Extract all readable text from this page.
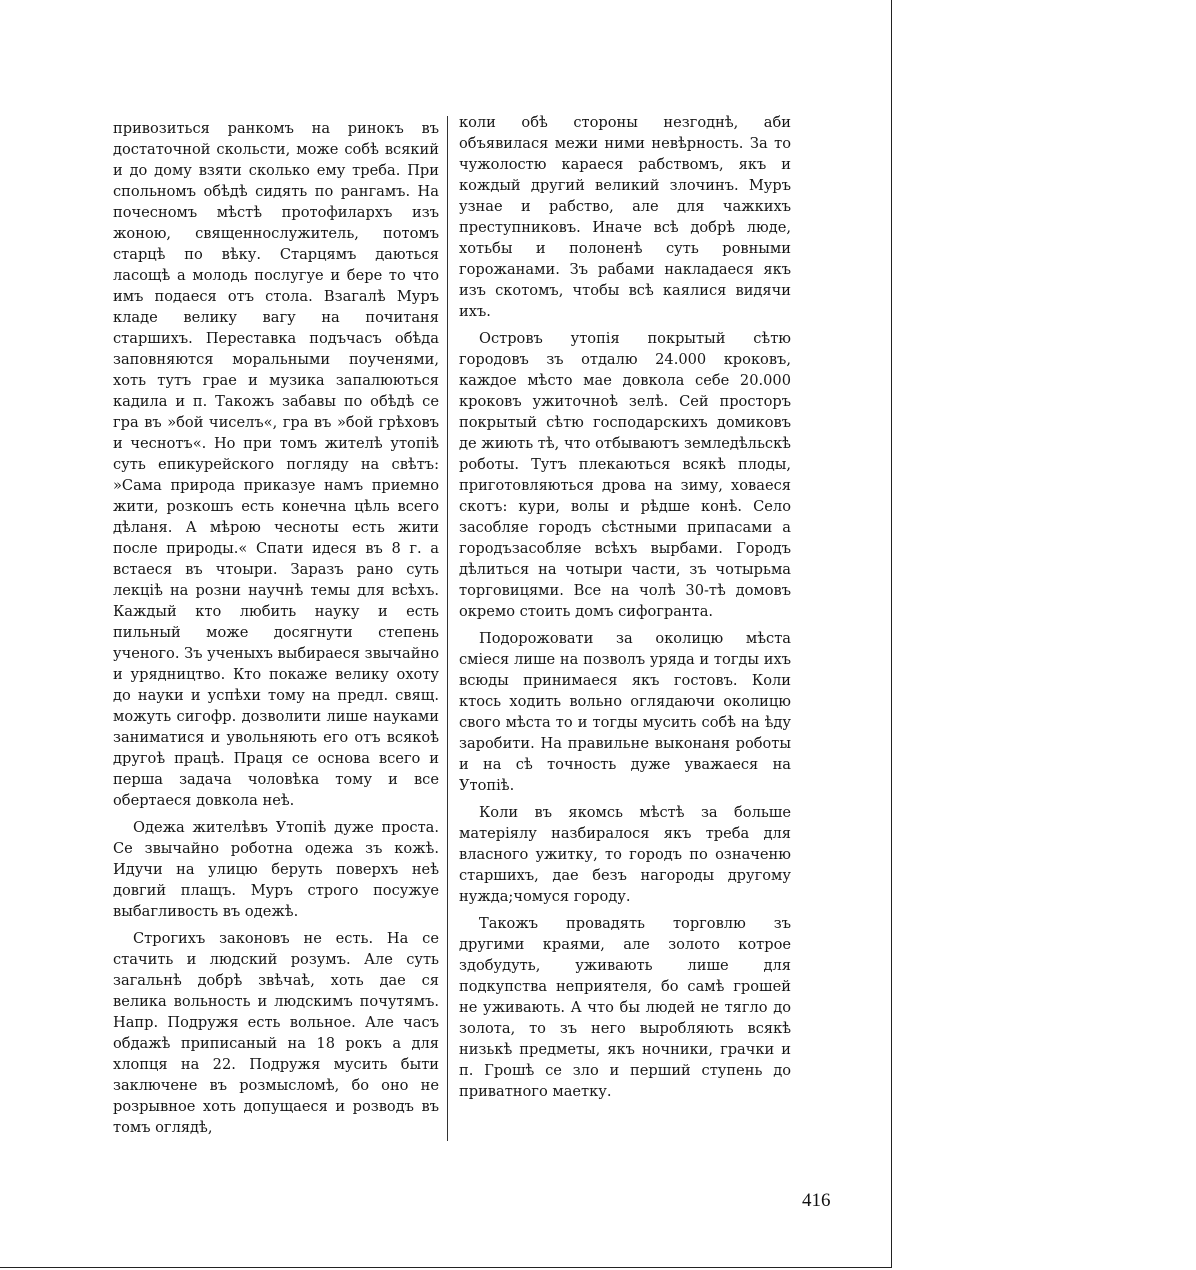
привозиться ранкомъ на ринокъ въ достаточной скольсти, може собѣ всякий и до дому взяти сколько ему треба. При спольномъ обѣдѣ сидять по рангамъ. На почесномъ мѣстѣ протофилархъ изъ жоною, священнослужитель, потомъ старцѣ по вѣку. Старцямъ даються ласощѣ а молодь послугуе и бере то что имъ подаеся отъ стола. Взагалѣ Муръ кладе велику вагу на почитаня старшихъ. Переставка подъчасъ обѣда заповняются моральными поученями, хоть тутъ грае и музика запалюються кадила и п. Такожъ забавы по обѣдѣ се гра въ »бой чиселъ«, гра въ »бой грѣховъ и чеснотъ«. Но при томъ жителѣ утопiѣ суть епикурейского погляду на свѣтъ: »Сама природа приказуе намъ приемно жити, розкошъ есть конечна цѣль всего дѣланя. А мѣрою чесноты есть жити после природы.« Спати идеся въ 8 г. а встаеся въ чтоыри. Заразъ рано суть лекцiѣ на розни научнѣ темы для всѣхъ. Каждый кто любить науку и есть пильный може досягнути степень ученого. Зъ ученыхъ выбираеся звычайно и урядництво. Кто покаже велику охоту до науки и успѣхи тому на предл. свящ. можуть сигофр. дозволити лише науками заниматися и увольняють его отъ всякоѣ другоѣ працѣ. Праця се основа всего и перша задача чоловѣка тому и все обертаеся довкола неѣ.

Одежа жителѣвъ Утопiѣ дуже проста. Се звычайно роботна одежа зъ кожѣ. Идучи на улицю беруть поверхъ неѣ довгий плащъ. Муръ строго посужуе выбагливость въ одежѣ.

Строгихъ законовъ не есть. На се стачить и людский розумъ. Але суть загальнѣ добрѣ звѣчаѣ, хоть дае ся велика вольность и людскимъ почутямъ. Напр. Подружя есть вольное. Але часъ обдажѣ приписаный на 18 рокъ а для хлопця на 22. Подружя мусить быти заключене въ розмысломѣ, бо оно не розрывное хоть допущаеся и розводъ въ томъ оглядѣ,

коли обѣ стороны незгоднѣ, аби объявилася межи ними невѣрность. За то чужолостю караеся рабствомъ, якъ и кождый другий великий злочинъ. Муръ узнае и рабство, але для чажкихъ преступниковъ. Иначе всѣ добрѣ люде, хотьбы и полоненѣ суть ровными горожанами. Зъ рабами накладаеся якъ изъ скотомъ, чтобы всѣ каялися видячи ихъ.

Островъ утопiя покрытый сѣтю городовъ зъ отдалю 24.000 кроковъ, каждое мѣсто мае довкола себе 20.000 кроковъ ужиточноѣ зелѣ. Сей просторъ покрытый сѣтю господарскихъ домиковъ де жиють тѣ, что отбываютъ земледѣльскѣ роботы. Тутъ плекаються всякѣ плоды, приготовляються дрова на зиму, ховаеся скотъ: кури, волы и рѣдше конѣ. Село засобляе городъ сѣстными припасами а городъзасобляе всѣхъ вырбами. Городъ дѣлиться на чотыри части, зъ чотырьма торговицями. Все на чолѣ 30-тѣ домовъ окремо стоить домъ сифогранта.

Подорожовати за околицю мѣста смiеся лише на позволъ уряда и тогды ихъ всюды принимаеся якъ гостовъ. Коли ктось ходить вольно оглядаючи околицю свого мѣста то и тогды мусить собѣ на ѣду заробити. На правильне выконаня роботы и на сѣ точность дуже уважаеся на Утопiѣ.

Коли въ якомсь мѣстѣ за больше матерiялу назбиралося якъ треба для власного ужитку, то городъ по означеню старшихъ, дае безъ нагороды другому нужда;чомуся городу.

Такожъ провадять торговлю зъ другими краями, але золото котрое здобудуть, уживають лише для подкупства неприятеля, бо самѣ грошей не уживають. А что бы людей не тягло до золота, то зъ него выробляють всякѣ низькѣ предметы, якъ ночники, грачки и п. Грошѣ се зло и перший ступень до приватного маетку.

416
